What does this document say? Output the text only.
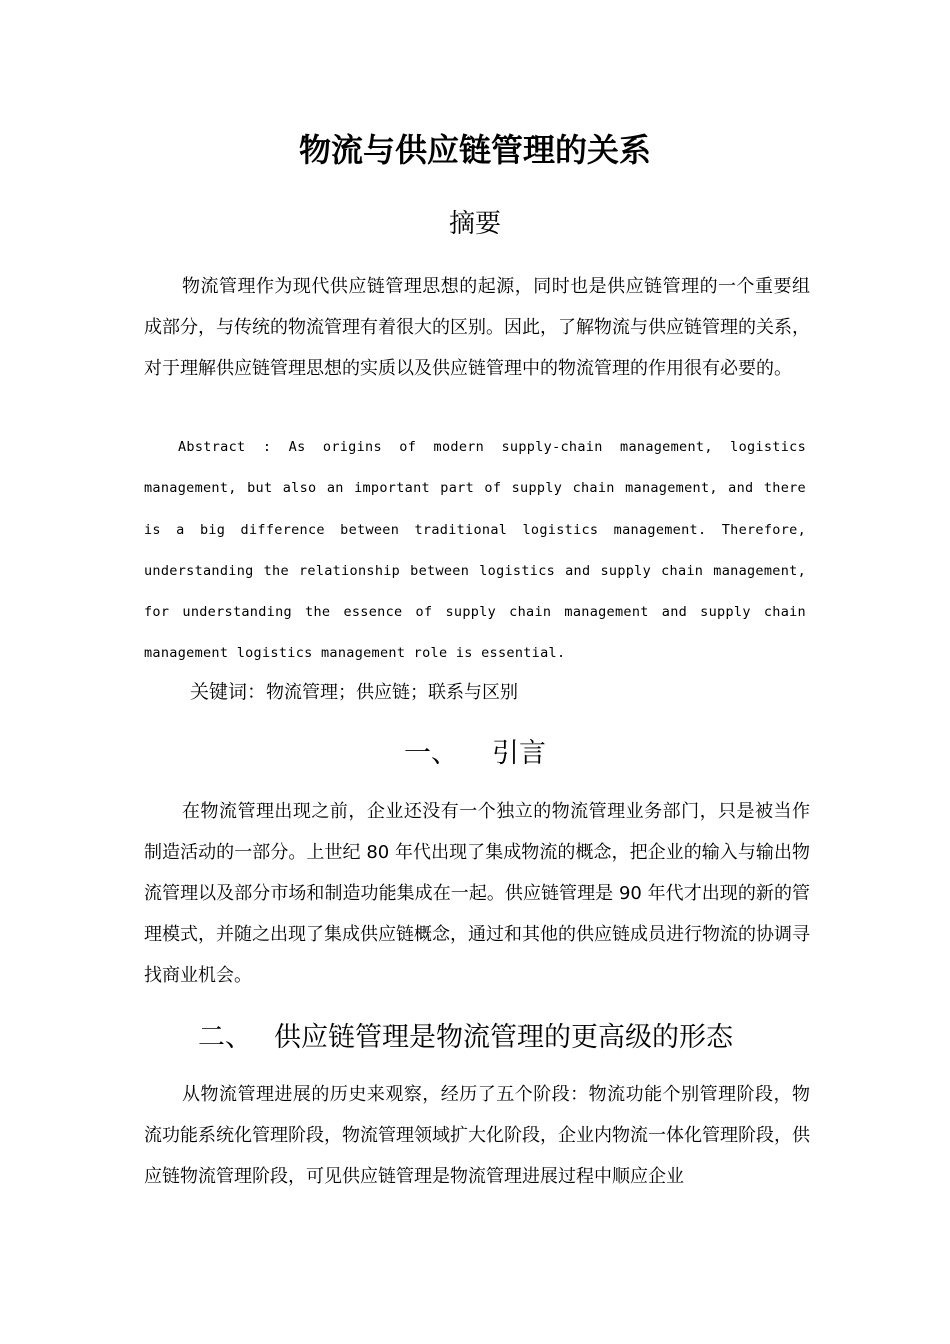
物流与供应链管理的关系
摘要

物流管理作为现代供应链管理思想的起源，同时也是供应链管理的一个重要组成部分，与传统的物流管理有着很大的区别。因此，了解物流与供应链管理的关系，对于理解供应链管理思想的实质以及供应链管理中的物流管理的作用很有必要的。

Abstract : As origins of modern supply-chain management, logistics management, but also an important part of supply chain management, and there is a big difference between traditional logistics management. Therefore, understanding the relationship between logistics and supply chain management, for understanding the essence of supply chain management and supply chain management logistics management role is essential.

关键词：物流管理；供应链；联系与区别

一、 引言

在物流管理出现之前，企业还没有一个独立的物流管理业务部门，只是被当作制造活动的一部分。上世纪 80 年代出现了集成物流的概念，把企业的输入与输出物流管理以及部分市场和制造功能集成在一起。供应链管理是 90 年代才出现的新的管理模式，并随之出现了集成供应链概念，通过和其他的供应链成员进行物流的协调寻找商业机会。

二、 供应链管理是物流管理的更高级的形态

从物流管理进展的历史来观察，经历了五个阶段：物流功能个别管理阶段，物流功能系统化管理阶段，物流管理领域扩大化阶段，企业内物流一体化管理阶段，供应链物流管理阶段，可见供应链管理是物流管理进展过程中顺应企业
